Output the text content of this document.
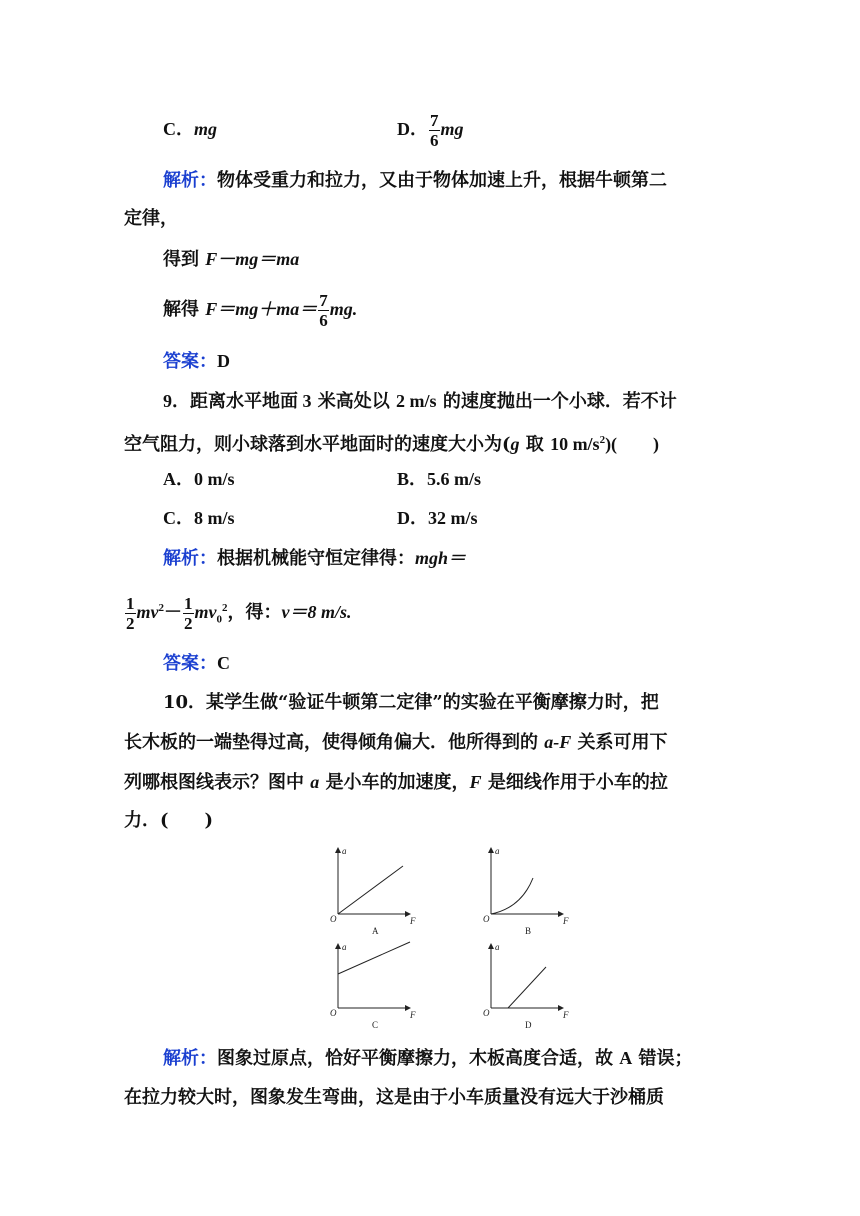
C．mg	D． $\frac{7}{6}$ mg
解析：物体受重力和拉力，又由于物体加速上升，根据牛顿第二
定律，
得到 F－mg＝ma
解得 $F=mg+ma= \frac{7}{6}$ mg.
答案：D
9．距离水平地面 3 米高处以 2 m/s 的速度抛出一个小球．若不计
空气阻力，则小球落到水平地面时的速度大小为(g 取 10 $m/s^2$)(　　)
A．0 m/s	B．5.6 m/s
C．8 m/s	D．32 m/s
解析：根据机械能守恒定律得：mgh＝
$\frac{1}{2} mv^2- \frac{1}{2} mv_0^2$，得：v＝8 m/s.
答案：C
10．某学生做“验证牛顿第二定律”的实验在平衡摩擦力时，把
长木板的一端垫得过高，使得倾角偏大．他所得到的 a-F 关系可用下
列哪根图线表示？图中 a 是小车的加速度，F 是细线作用于小车的拉
力．(　　)
a
O	F
A
a
O	F
B
a
O	F
C
a
O	F
D
解析：图象过原点，恰好平衡摩擦力，木板高度合适，故 A 错误；
在拉力较大时，图象发生弯曲，这是由于小车质量没有远大于沙桶质
